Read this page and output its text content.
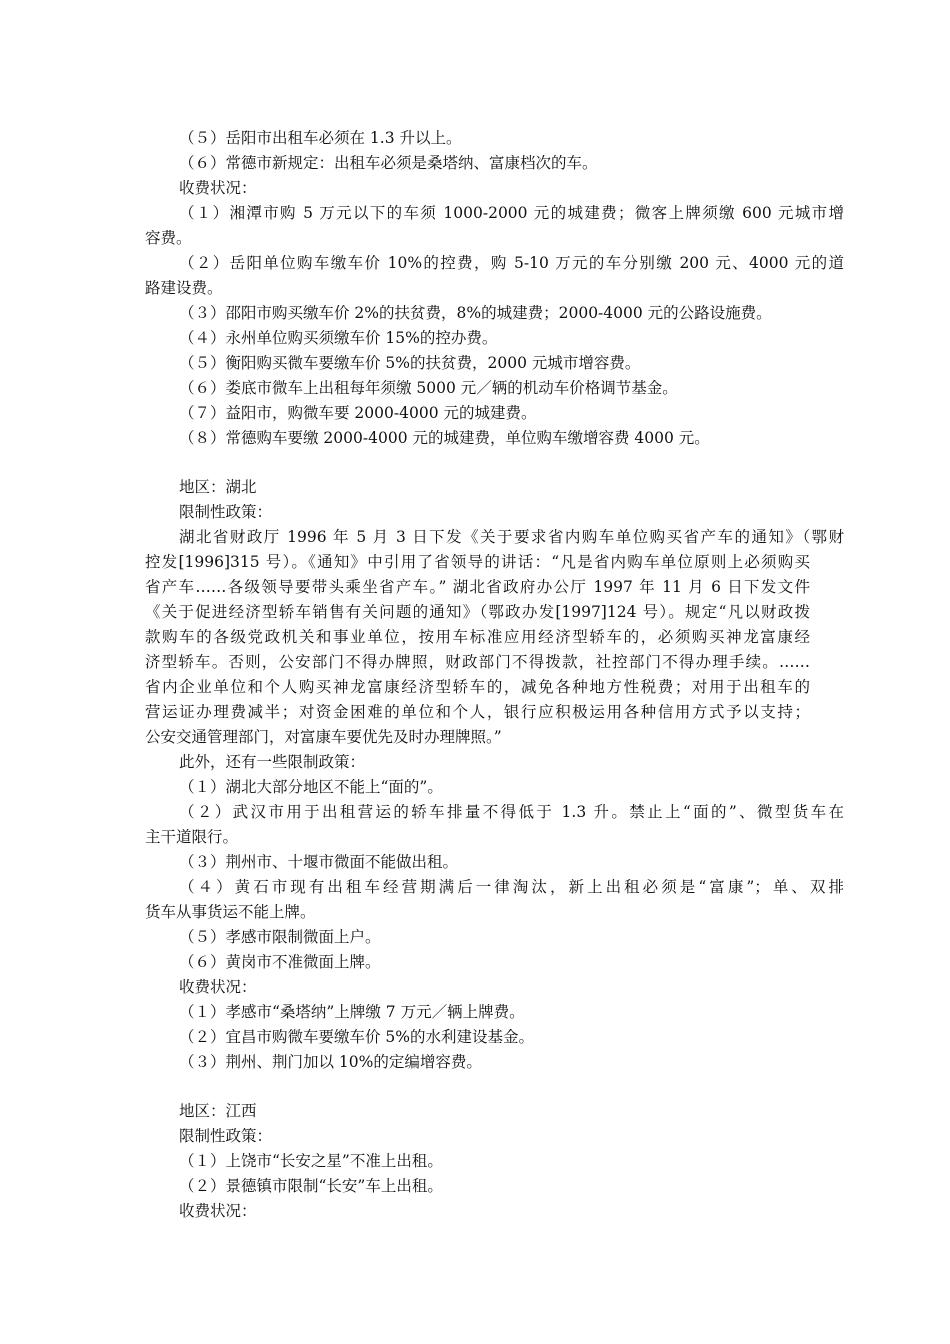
（５）岳阳市出租车必须在 1.3 升以上。
（６）常德市新规定：出租车必须是桑塔纳、富康档次的车。
收费状况：
（１）湘潭市购 5 万元以下的车须 1000-2000 元的城建费；微客上牌须缴 600 元城市增
容费。
（２）岳阳单位购车缴车价 10%的控费，购 5-10 万元的车分别缴 200 元、4000 元的道
路建设费。
（３）邵阳市购买缴车价 2%的扶贫费，8%的城建费；2000-4000 元的公路设施费。
（４）永州单位购买须缴车价 15%的控办费。
（５）衡阳购买微车要缴车价 5%的扶贫费，2000 元城市增容费。
（６）娄底市微车上出租每年须缴 5000 元／辆的机动车价格调节基金。
（７）益阳市，购微车要 2000-4000 元的城建费。
（８）常德购车要缴 2000-4000 元的城建费，单位购车缴增容费 4000 元。
地区：湖北
限制性政策：
湖北省财政厅 1996 年 5 月 3 日下发《关于要求省内购车单位购买省产车的通知》（鄂财
控发[1996]315 号）。《通知》中引用了省领导的讲话：“凡是省内购车单位原则上必须购买
省产车……各级领导要带头乘坐省产车。” 湖北省政府办公厅 1997 年 11 月 6 日下发文件
《关于促进经济型轿车销售有关问题的通知》（鄂政办发[1997]124 号）。规定“凡以财政拨
款购车的各级党政机关和事业单位，按用车标准应用经济型轿车的，必须购买神龙富康经
济型轿车。否则，公安部门不得办牌照，财政部门不得拨款，社控部门不得办理手续。……
省内企业单位和个人购买神龙富康经济型轿车的，减免各种地方性税费；对用于出租车的
营运证办理费减半；对资金困难的单位和个人，银行应积极运用各种信用方式予以支持；
公安交通管理部门，对富康车要优先及时办理牌照。”
此外，还有一些限制政策：
（１）湖北大部分地区不能上“面的”。
（２）武汉市用于出租营运的轿车排量不得低于 1.3 升。禁止上“面的”、微型货车在
主干道限行。
（３）荆州市、十堰市微面不能做出租。
（４）黄石市现有出租车经营期满后一律淘汰，新上出租必须是“富康”；单、双排
货车从事货运不能上牌。
（５）孝感市限制微面上户。
（６）黄岗市不准微面上牌。
收费状况：
（１）孝感市“桑塔纳”上牌缴 7 万元／辆上牌费。
（２）宜昌市购微车要缴车价 5%的水利建设基金。
（３）荆州、荆门加以 10%的定编增容费。
地区：江西
限制性政策：
（１）上饶市“长安之星”不准上出租。
（２）景德镇市限制“长安”车上出租。
收费状况：
